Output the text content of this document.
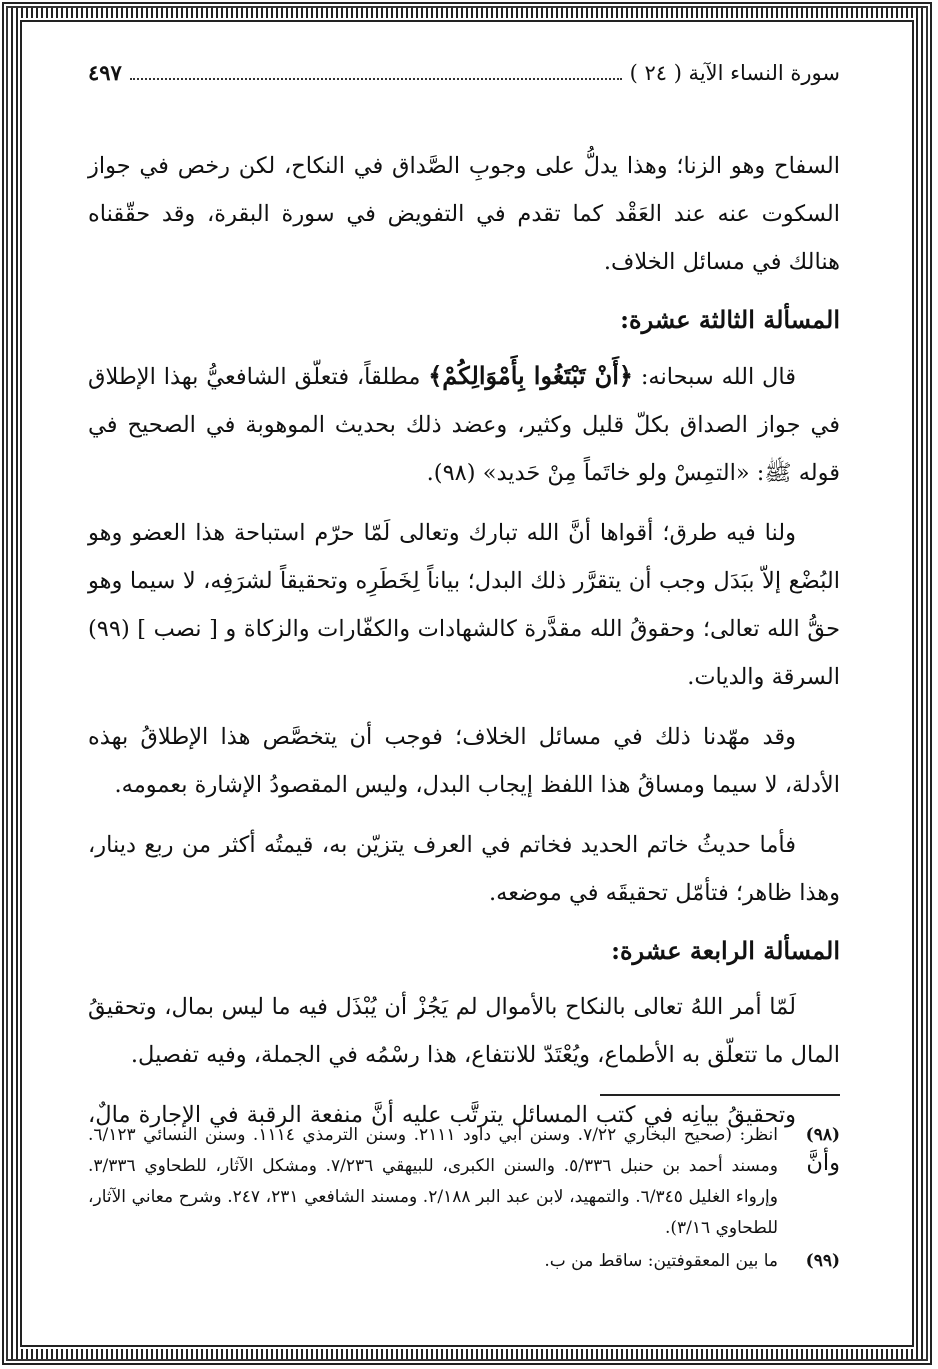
سورة النساء الآية ( ٢٤ )
٤٩٧

السفاح وهو الزنا؛ وهذا يدلُّ على وجوبِ الصَّداق في النكاح، لكن رخص في جواز السكوت عنه عند العَقْد كما تقدم في التفويض في سورة البقرة، وقد حقّقناه هنالك في مسائل الخلاف.

المسألة الثالثة عشرة:

قال الله سبحانه: ﴿أَنْ تَبْتَغُوا بِأَمْوَالِكُمْ﴾ مطلقاً، فتعلّق الشافعيُّ بهذا الإطلاق في جواز الصداق بكلّ قليل وكثير، وعضد ذلك بحديث الموهوبة في الصحيح في قوله ﷺ: «التمِسْ ولو خاتَماً مِنْ حَديد» (٩٨).

ولنا فيه طرق؛ أقواها أنَّ الله تبارك وتعالى لَمّا حرّم استباحة هذا العضو وهو البُضْع إلاّ ببَدَل وجب أن يتقرَّر ذلك البدل؛ بياناً لِخَطَرِه وتحقيقاً لشرَفِه، لا سيما وهو حقُّ الله تعالى؛ وحقوقُ الله مقدَّرة كالشهادات والكفّارات والزكاة و [ نصب ] (٩٩) السرقة والديات.

وقد مهّدنا ذلك في مسائل الخلاف؛ فوجب أن يتخصَّص هذا الإطلاقُ بهذه الأدلة، لا سيما ومساقُ هذا اللفظ إيجاب البدل، وليس المقصودُ الإشارة بعمومه.

فأما حديثُ خاتم الحديد فخاتم في العرف يتزيّن به، قيمتُه أكثر من ربع دينار، وهذا ظاهر؛ فتأمّل تحقيقَه في موضعه.

المسألة الرابعة عشرة:

لَمّا أمر اللهُ تعالى بالنكاح بالأموال لم يَجُزْ أن يُبْذَل فيه ما ليس بمال، وتحقيقُ المال ما تتعلّق به الأطماع، ويُعْتَدّ للانتفاع، هذا رسْمُه في الجملة، وفيه تفصيل.

وتحقيقُ بيانِه في كتب المسائل يترتَّب عليه أنَّ منفعة الرقبة في الإجارة مالٌ، وأنَّ

(٩٨)
انظر: (صحيح البخاري ٧/٢٢. وسنن أبي داود ٢١١١. وسنن الترمذي ١١١٤. وسنن النسائي ٦/١٢٣. ومسند أحمد بن حنبل ٥/٣٣٦. والسنن الكبرى، للبيهقي ٧/٢٣٦. ومشكل الآثار، للطحاوي ٣/٣٣٦. وإرواء الغليل ٦/٣٤٥. والتمهيد، لابن عبد البر ٢/١٨٨. ومسند الشافعي ٢٣١، ٢٤٧. وشرح معاني الآثار، للطحاوي ٣/١٦).
(٩٩)
ما بين المعقوفتين: ساقط من ب.
